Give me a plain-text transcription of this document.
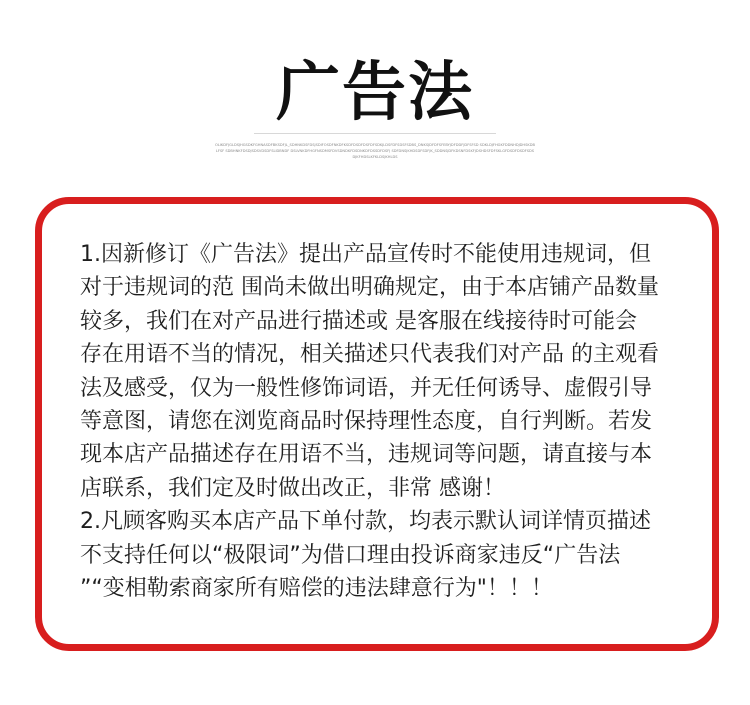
广告法
OLIKDFJGLDSJHGSDKFGHNASDFBKSDFJL_SDHNKDSFDSJSDIFOSDFNKDFKSDFDSDFDSFDFSDKJLDSFDFSDSFSDBS_DNKSJDFDFSFEBYJDFDDFJDFSFSD SDKLDJFHGKFDDNHDJDHSKDBLFSF SDBHNKFDSDJSDSVDSDFSLIDBNDF DSLVNKDFHGFNSDMSFDVSDNDKFDSDNKDFDSSDFDSFJ SDFDNSJKHDSDFSDFJK_SDDNSJDFKDSNFDSKFJDSHDSFDFSKLGFDSDFDSDFSDSDJKFHDSLKFKLDSJKHLDS
1.因新修订《广告法》提出产品宣传时不能使用违规词，但
对于违规词的范 围尚未做出明确规定，由于本店铺产品数量
较多，我们在对产品进行描述或 是客服在线接待时可能会
存在用语不当的情况，相关描述只代表我们对产品 的主观看
法及感受，仅为一般性修饰词语，并无任何诱导、虚假引导
等意图，请您在浏览商品时保持理性态度，自行判断。若发
现本店产品描述存在用语不当，违规词等问题，请直接与本
店联系，我们定及时做出改正，非常 感谢！
2.凡顾客购买本店产品下单付款，均表示默认词详情页描述
不支持任何以“极限词”为借口理由投诉商家违反“广告法
”“变相勒索商家所有赔偿的违法肆意行为"！！！
